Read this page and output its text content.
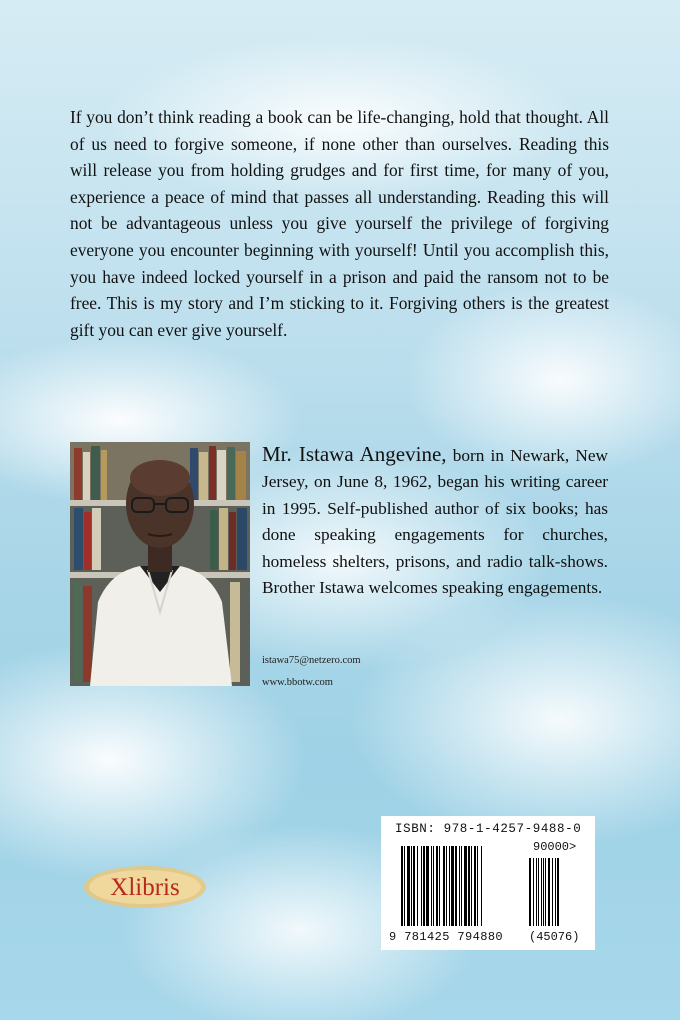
If you don’t think reading a book can be life-changing, hold that thought. All of us need to forgive someone, if none other than ourselves. Reading this will release you from holding grudges and for first time, for many of you, experience a peace of mind that passes all understanding. Reading this will not be advantageous unless you give yourself the privilege of forgiving everyone you encounter beginning with yourself! Until you accomplish this, you have indeed locked yourself in a prison and paid the ransom not to be free. This is my story and I’m sticking to it. Forgiving others is the greatest gift you can ever give yourself.

Mr. Istawa Angevine, born in Newark, New Jersey, on June 8, 1962, began his writing career in 1995. Self-published author of six books; has done speaking engagements for churches, homeless shelters, prisons, and radio talk-shows. Brother Istawa welcomes speaking engagements.

istawa75@netzero.com
www.bbotw.com
Xlibris
ISBN: 978-1-4257-9488-0
90000>
9 781425 794880 (45076)
